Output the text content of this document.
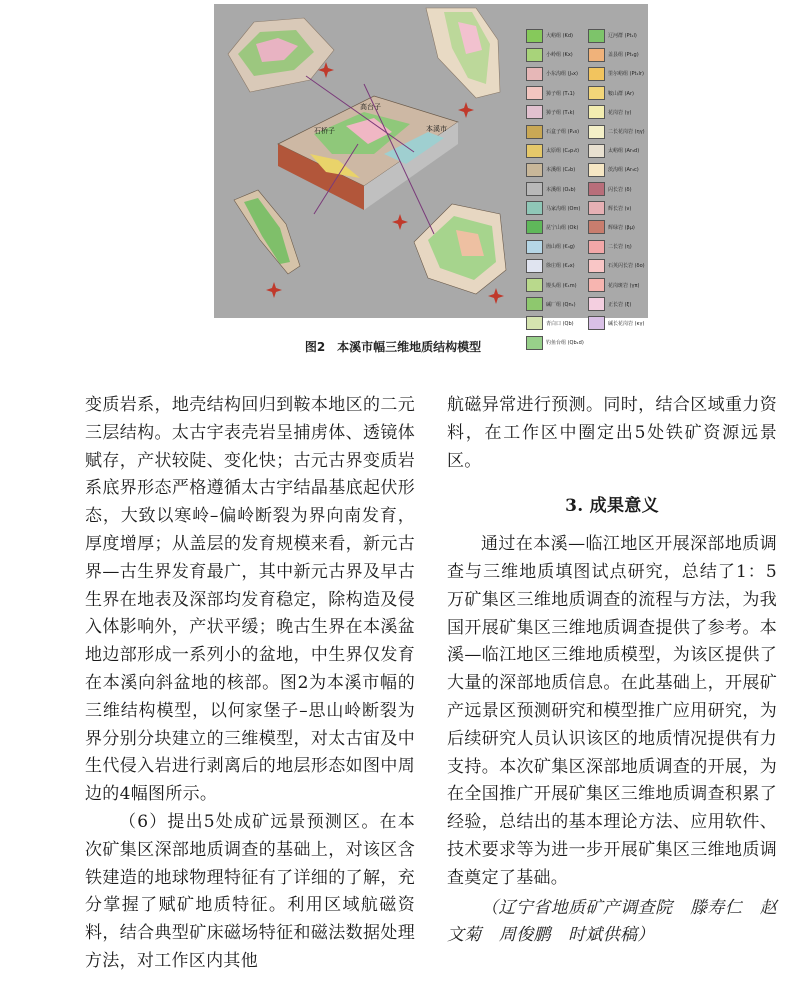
本溪市
高台子
石桥子
大峪组 (Kd)
小岭组 (Kx)
小东沟组 (J₃x)
獐子组 (T₁1)
獐子组 (T₁k)
石盒子组 (P₂s)
太原组 (C₂p₁t)
本溪组 (C₂b)
本溪组 (O₂b)
马家沟组 (Om)
昆宁山组 (Ok)
崮山组 (€₃g)
徐庄组 (€₂x)
馒头组 (€₁m)
碱厂组 (Qn₁)
青白口 (Qb)
钓鱼台组 (Qb₁d)
辽河群 (Pt₁l)
盖县组 (Pt₁g)
里尔峪组 (Pt₁lr)
鞍山群 (Ar)
花岗岩 (γ)
二长花岗岩 (ηγ)
太峪组 (Ar₃d)
茨沟组 (Ar₃c)
闪长岩 (δ)
辉长岩 (ν)
辉绿岩 (βμ)
二长岩 (η)
石英闪长岩 (δο)
花岗斑岩 (γπ)
正长岩 (ξ)
碱长花岗岩 (κγ)
图2　本溪市幅三维地质结构模型

变质岩系，地壳结构回归到鞍本地区的二元三层结构。太古宇表壳岩呈捕虏体、透镜体赋存，产状较陡、变化快；古元古界变质岩系底界形态严格遵循太古宇结晶基底起伏形态，大致以寒岭–偏岭断裂为界向南发育，厚度增厚；从盖层的发育规模来看，新元古界—古生界发育最广，其中新元古界及早古生界在地表及深部均发育稳定，除构造及侵入体影响外，产状平缓；晚古生界在本溪盆地边部形成一系列小的盆地，中生界仅发育在本溪向斜盆地的核部。图2为本溪市幅的三维结构模型，以何家堡子–思山岭断裂为界分别分块建立的三维模型，对太古宙及中生代侵入岩进行剥离后的地层形态如图中周边的4幅图所示。

（6）提出5处成矿远景预测区。在本次矿集区深部地质调查的基础上，对该区含铁建造的地球物理特征有了详细的了解，充分掌握了赋矿地质特征。利用区域航磁资料，结合典型矿床磁场特征和磁法数据处理方法，对工作区内其他

航磁异常进行预测。同时，结合区域重力资料，在工作区中圈定出5处铁矿资源远景区。

3. 成果意义

通过在本溪—临江地区开展深部地质调查与三维地质填图试点研究，总结了1：5万矿集区三维地质调查的流程与方法，为我国开展矿集区三维地质调查提供了参考。本溪—临江地区三维地质模型，为该区提供了大量的深部地质信息。在此基础上，开展矿产远景区预测研究和模型推广应用研究，为后续研究人员认识该区的地质情况提供有力支持。本次矿集区深部地质调查的开展，为在全国推广开展矿集区三维地质调查积累了经验，总结出的基本理论方法、应用软件、技术要求等为进一步开展矿集区三维地质调查奠定了基础。

（辽宁省地质矿产调查院　滕寿仁　赵文菊　周俊鹏　时斌供稿）
